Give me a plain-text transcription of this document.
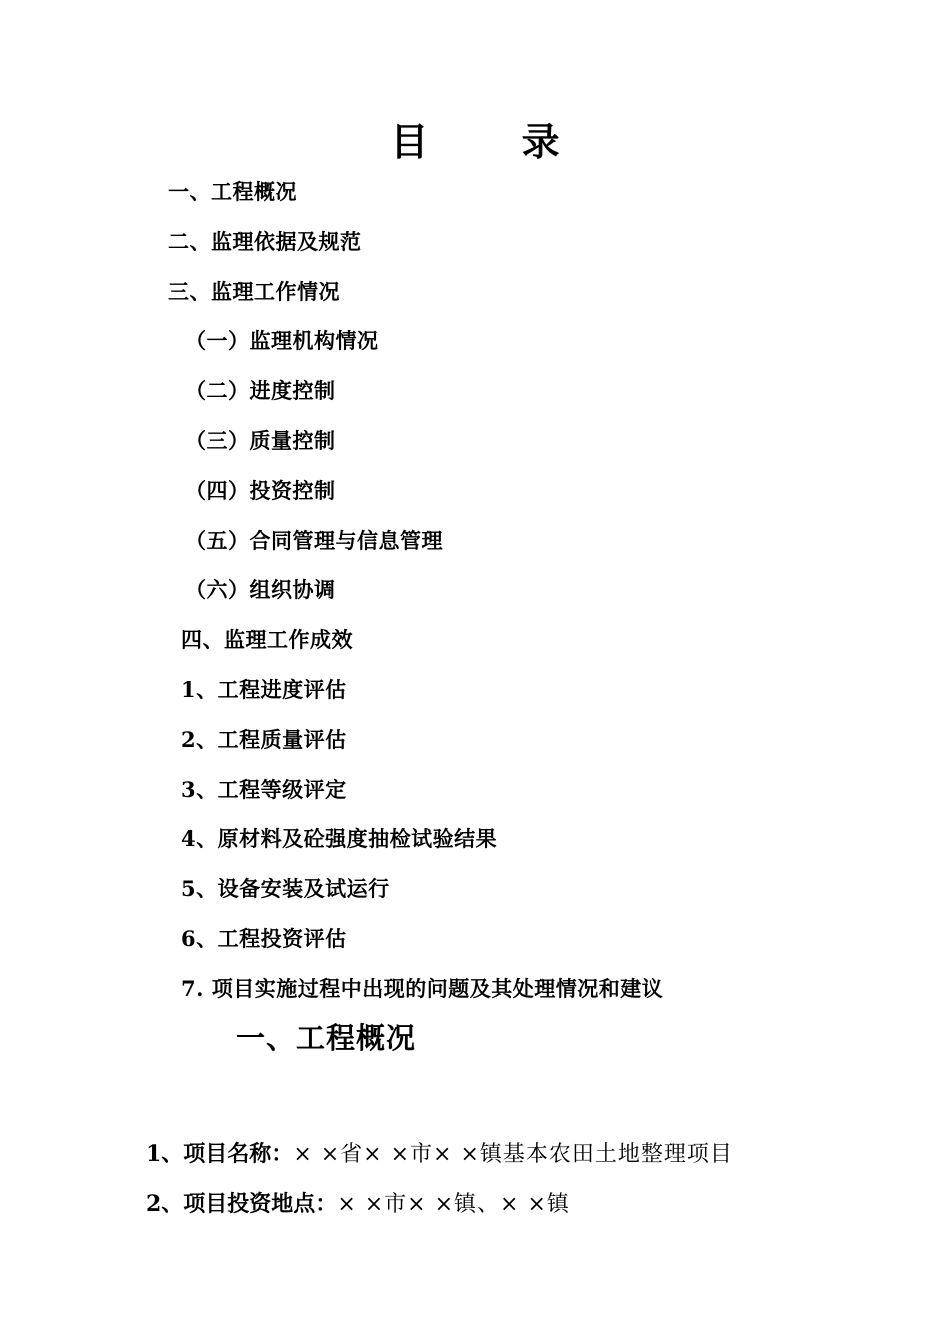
目 录
一、工程概况
二、监理依据及规范
三、监理工作情况
（一）监理机构情况
（二）进度控制
（三）质量控制
（四）投资控制
（五）合同管理与信息管理
（六）组织协调
四、监理工作成效
1、工程进度评估
2、工程质量评估
3、工程等级评定
4、原材料及砼强度抽检试验结果
5、设备安装及试运行
6、工程投资评估
7. 项目实施过程中出现的问题及其处理情况和建议
一、工程概况
1、项目名称：× ×省× ×市× ×镇基本农田土地整理项目
2、项目投资地点：× ×市× ×镇、× ×镇
